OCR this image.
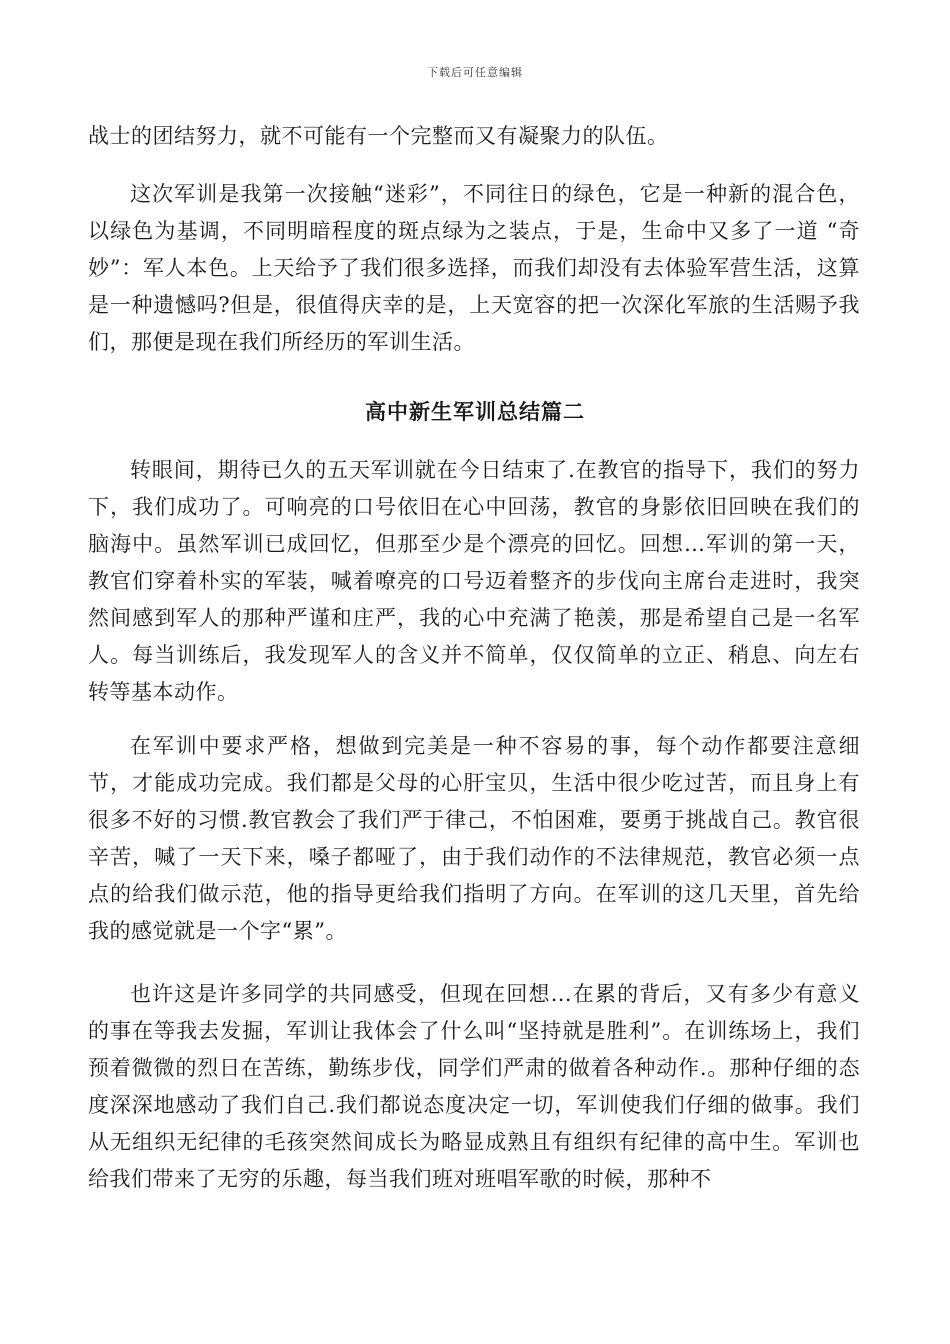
下载后可任意编辑

战士的团结努力，就不可能有一个完整而又有凝聚力的队伍。

这次军训是我第一次接触“迷彩”，不同往日的绿色，它是一种新的混合色，以绿色为基调，不同明暗程度的斑点绿为之装点，于是，生命中又多了一道 “奇妙”：军人本色。上天给予了我们很多选择，而我们却没有去体验军营生活，这算是一种遗憾吗?但是，很值得庆幸的是，上天宽容的把一次深化军旅的生活赐予我们，那便是现在我们所经历的军训生活。

高中新生军训总结篇二

转眼间，期待已久的五天军训就在今日结束了.在教官的指导下，我们的努力下，我们成功了。可响亮的口号依旧在心中回荡，教官的身影依旧回映在我们的脑海中。虽然军训已成回忆，但那至少是个漂亮的回忆。回想…军训的第一天，教官们穿着朴实的军装，喊着嘹亮的口号迈着整齐的步伐向主席台走进时，我突然间感到军人的那种严谨和庄严，我的心中充满了艳羡，那是希望自己是一名军人。每当训练后，我发现军人的含义并不简单，仅仅简单的立正、稍息、向左右转等基本动作。

在军训中要求严格，想做到完美是一种不容易的事，每个动作都要注意细节，才能成功完成。我们都是父母的心肝宝贝，生活中很少吃过苦，而且身上有很多不好的习惯.教官教会了我们严于律己，不怕困难，要勇于挑战自己。教官很辛苦，喊了一天下来，嗓子都哑了，由于我们动作的不法律规范，教官必须一点点的给我们做示范，他的指导更给我们指明了方向。在军训的这几天里，首先给我的感觉就是一个字“累”。

也许这是许多同学的共同感受，但现在回想…在累的背后，又有多少有意义的事在等我去发掘，军训让我体会了什么叫“坚持就是胜利”。在训练场上，我们预着微微的烈日在苦练，勤练步伐，同学们严肃的做着各种动作.。那种仔细的态度深深地感动了我们自己.我们都说态度决定一切，军训使我们仔细的做事。我们从无组织无纪律的毛孩突然间成长为略显成熟且有组织有纪律的高中生。军训也给我们带来了无穷的乐趣，每当我们班对班唱军歌的时候，那种不
